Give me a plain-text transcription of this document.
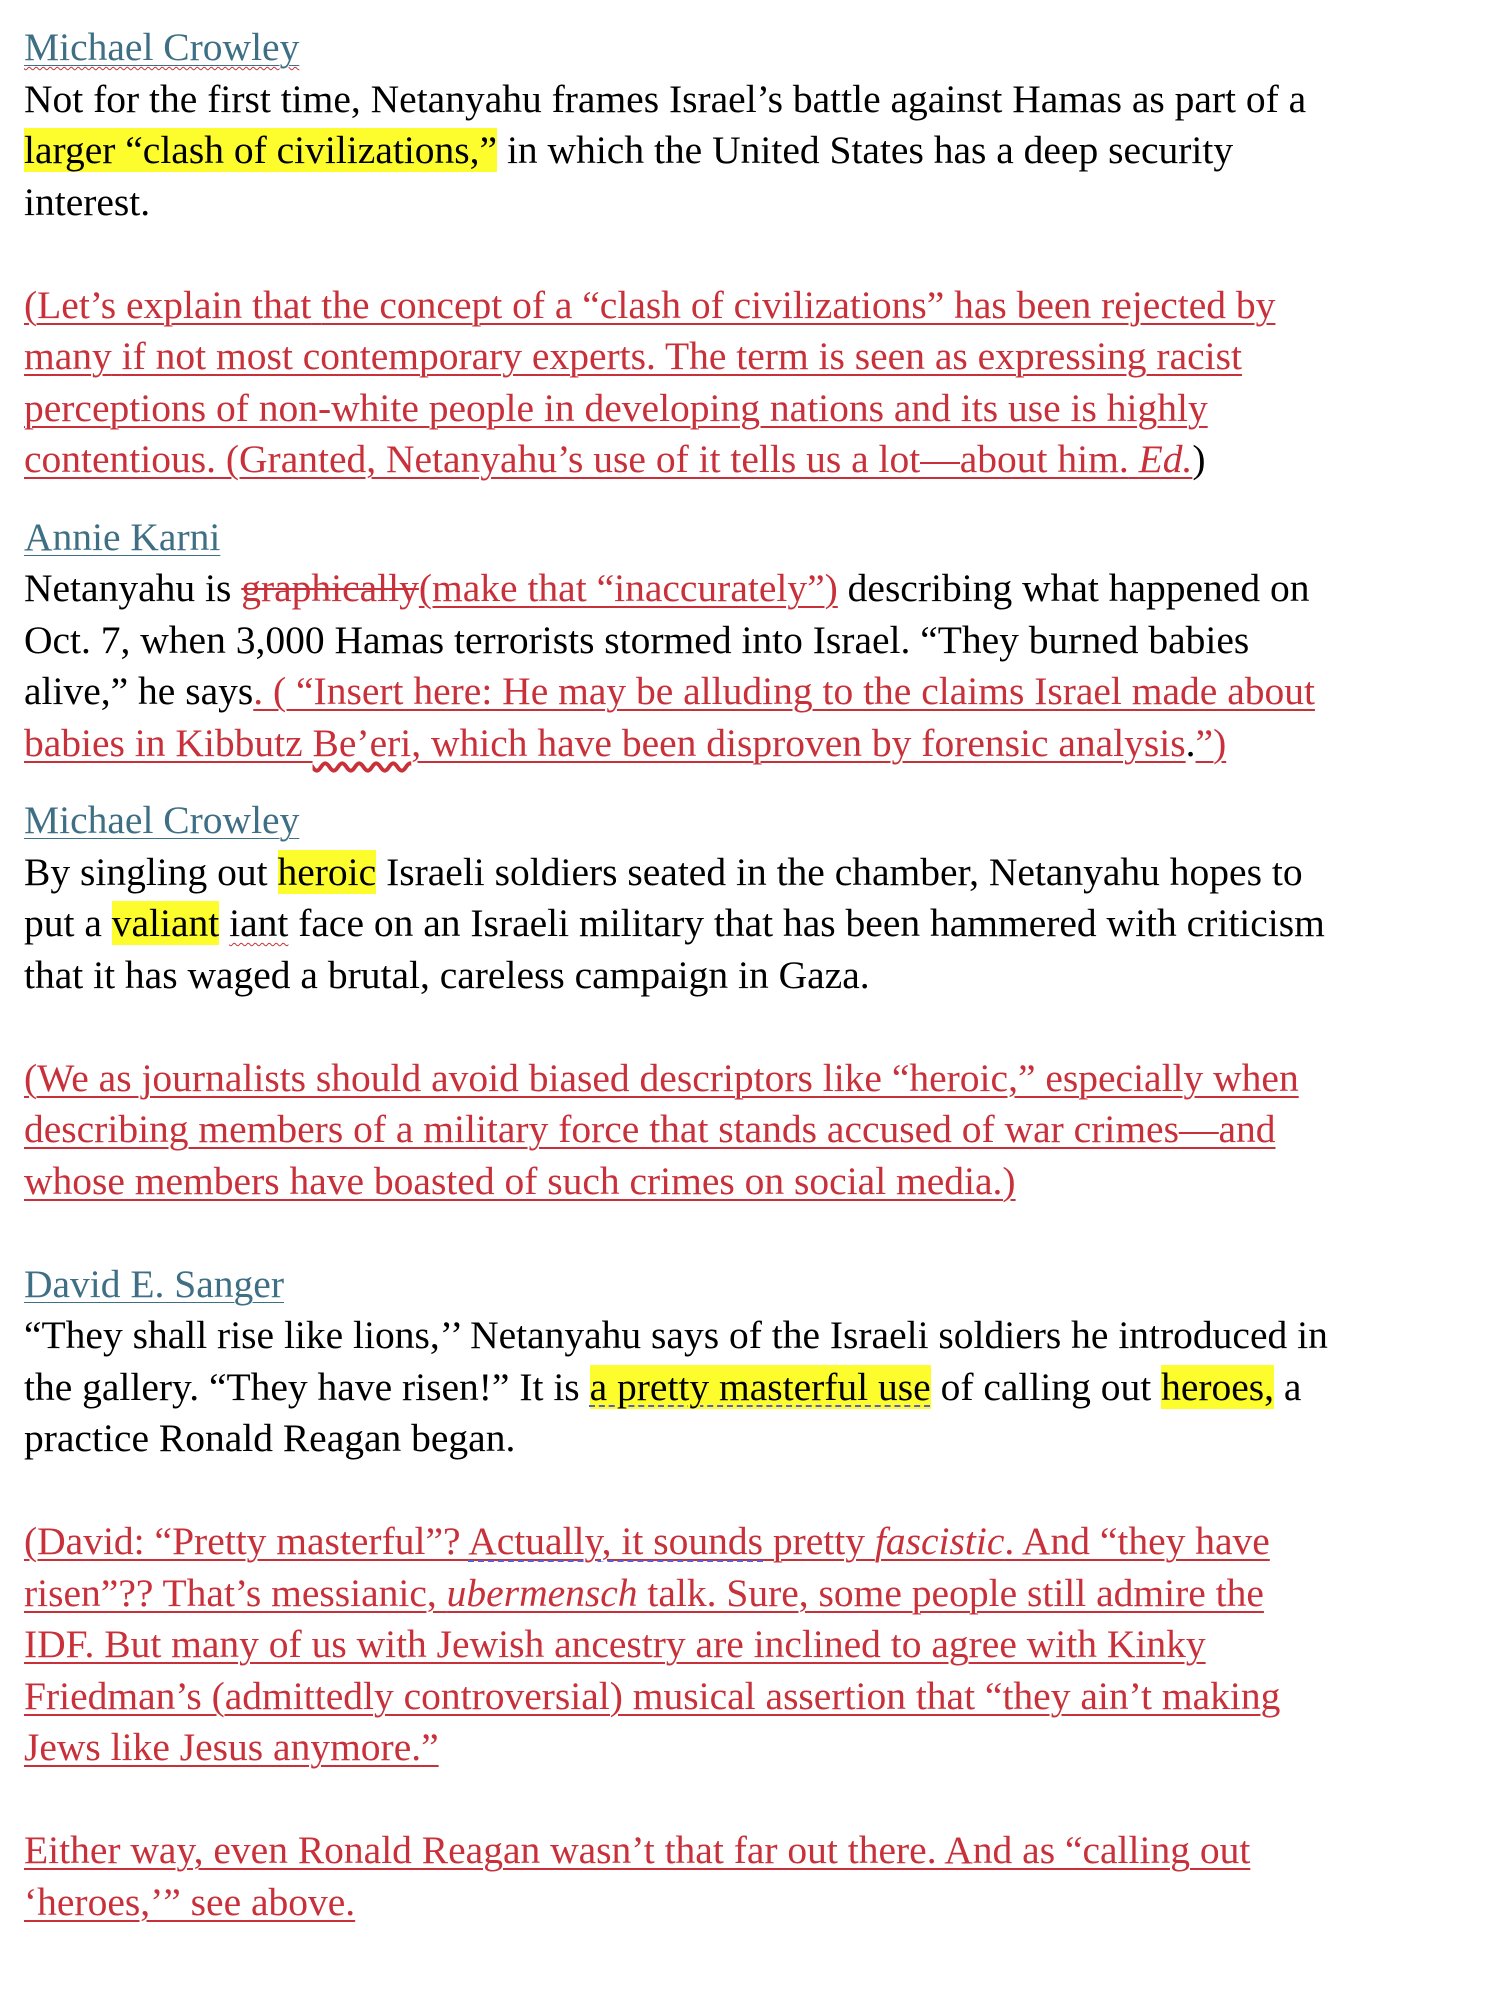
Michael Crowley
Not for the first time, Netanyahu frames Israel’s battle against Hamas as part of a
larger “clash of civilizations,” in which the United States has a deep security
interest.
(Let’s explain that the concept of a “clash of civilizations” has been rejected by
many if not most contemporary experts. The term is seen as expressing racist
perceptions of non-white people in developing nations and its use is highly
contentious. (Granted, Netanyahu’s use of it tells us a lot—about him. Ed.)
Annie Karni
Netanyahu is graphically(make that “inaccurately”) describing what happened on
Oct. 7, when 3,000 Hamas terrorists stormed into Israel. “They burned babies
alive,” he says. ( “Insert here: He may be alluding to the claims Israel made about
babies in Kibbutz Be’eri, which have been disproven by forensic analysis.”)
Michael Crowley
By singling out heroic Israeli soldiers seated in the chamber, Netanyahu hopes to
put a valiant iant face on an Israeli military that has been hammered with criticism
that it has waged a brutal, careless campaign in Gaza.
(We as journalists should avoid biased descriptors like “heroic,” especially when
describing members of a military force that stands accused of war crimes—and
whose members have boasted of such crimes on social media.)
David E. Sanger
“They shall rise like lions,’’ Netanyahu says of the Israeli soldiers he introduced in
the gallery. “They have risen!” It is a pretty masterful use of calling out heroes, a
practice Ronald Reagan began.
(David: “Pretty masterful”? Actually, it sounds pretty fascistic. And “they have
risen”?? That’s messianic, ubermensch talk. Sure, some people still admire the
IDF. But many of us with Jewish ancestry are inclined to agree with Kinky
Friedman’s (admittedly controversial) musical assertion that “they ain’t making
Jews like Jesus anymore.”
Either way, even Ronald Reagan wasn’t that far out there. And as “calling out
‘heroes,’” see above.
